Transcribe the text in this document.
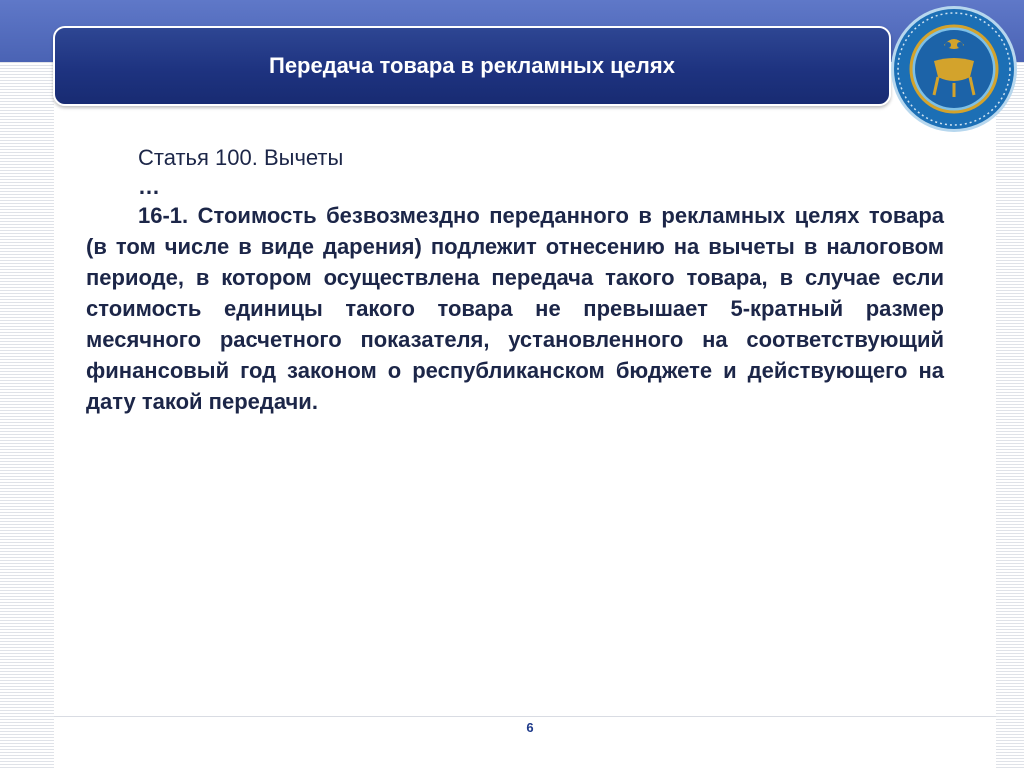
Передача товара в рекламных целях

Статья 100. Вычеты

…

16-1. Стоимость безвозмездно переданного в рекламных целях товара (в том числе в виде дарения) подлежит отнесению на вычеты в налоговом периоде, в котором осуществлена передача такого товара, в случае если стоимость единицы такого товара не превышает 5-кратный размер месячного расчетного показателя, установленного на соответствующий финансовый год законом о республиканском бюджете и действующего на дату такой передачи.

6
